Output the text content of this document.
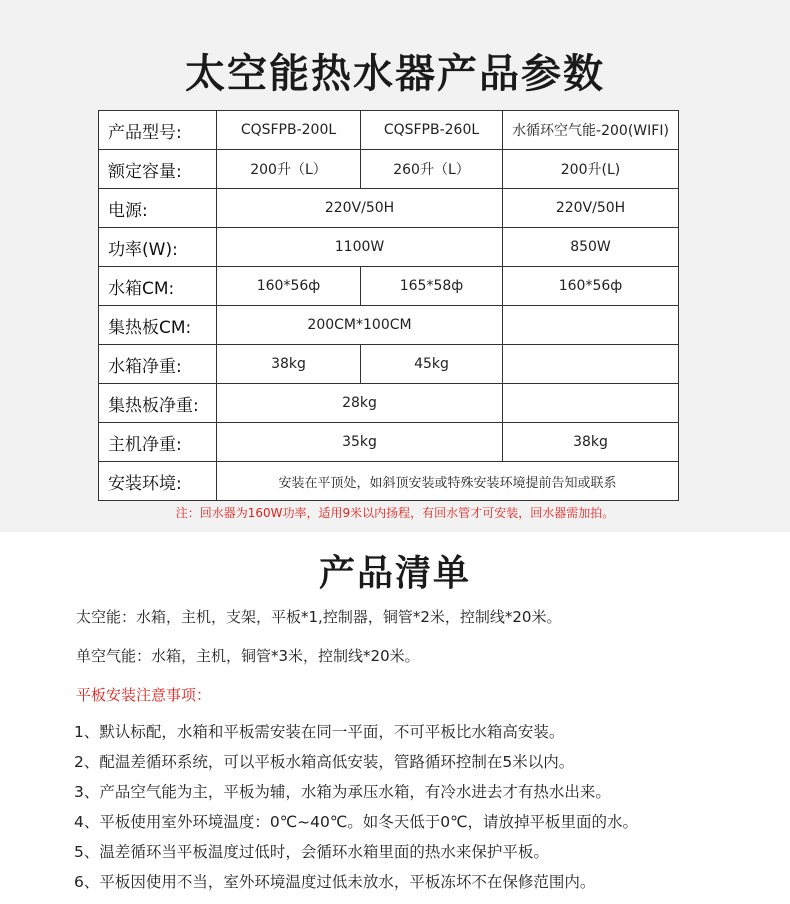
太空能热水器产品参数
产品型号:	CQSFPB-200L	CQSFPB-260L	水循环空气能-200(WIFI)
额定容量:	200升（L）	260升（L）	200升(L)
电源:	220V/50H		220V/50H
功率(W):	1100W		850W
水箱CM:	160*56ф	165*58ф	160*56ф
集热板CM:	200CM*100CM		
水箱净重:	38kg	45kg	
集热板净重:	28kg		
主机净重:	35kg		38kg
安装环境:	安装在平顶处，如斜顶安装或特殊安装环境提前告知或联系		
注：回水器为160W功率，适用9米以内扬程，有回水管才可安装，回水器需加拍。
产品清单
太空能：水箱，主机，支架，平板*1,控制器，铜管*2米，控制线*20米。
单空气能：水箱，主机，铜管*3米，控制线*20米。
平板安装注意事项：
1、默认标配，水箱和平板需安装在同一平面，不可平板比水箱高安装。
2、配温差循环系统，可以平板水箱高低安装，管路循环控制在5米以内。
3、产品空气能为主，平板为辅，水箱为承压水箱，有冷水进去才有热水出来。
4、平板使用室外环境温度：0℃~40℃。如冬天低于0℃，请放掉平板里面的水。
5、温差循环当平板温度过低时，会循环水箱里面的热水来保护平板。
6、平板因使用不当，室外环境温度过低未放水，平板冻坏不在保修范围内。
